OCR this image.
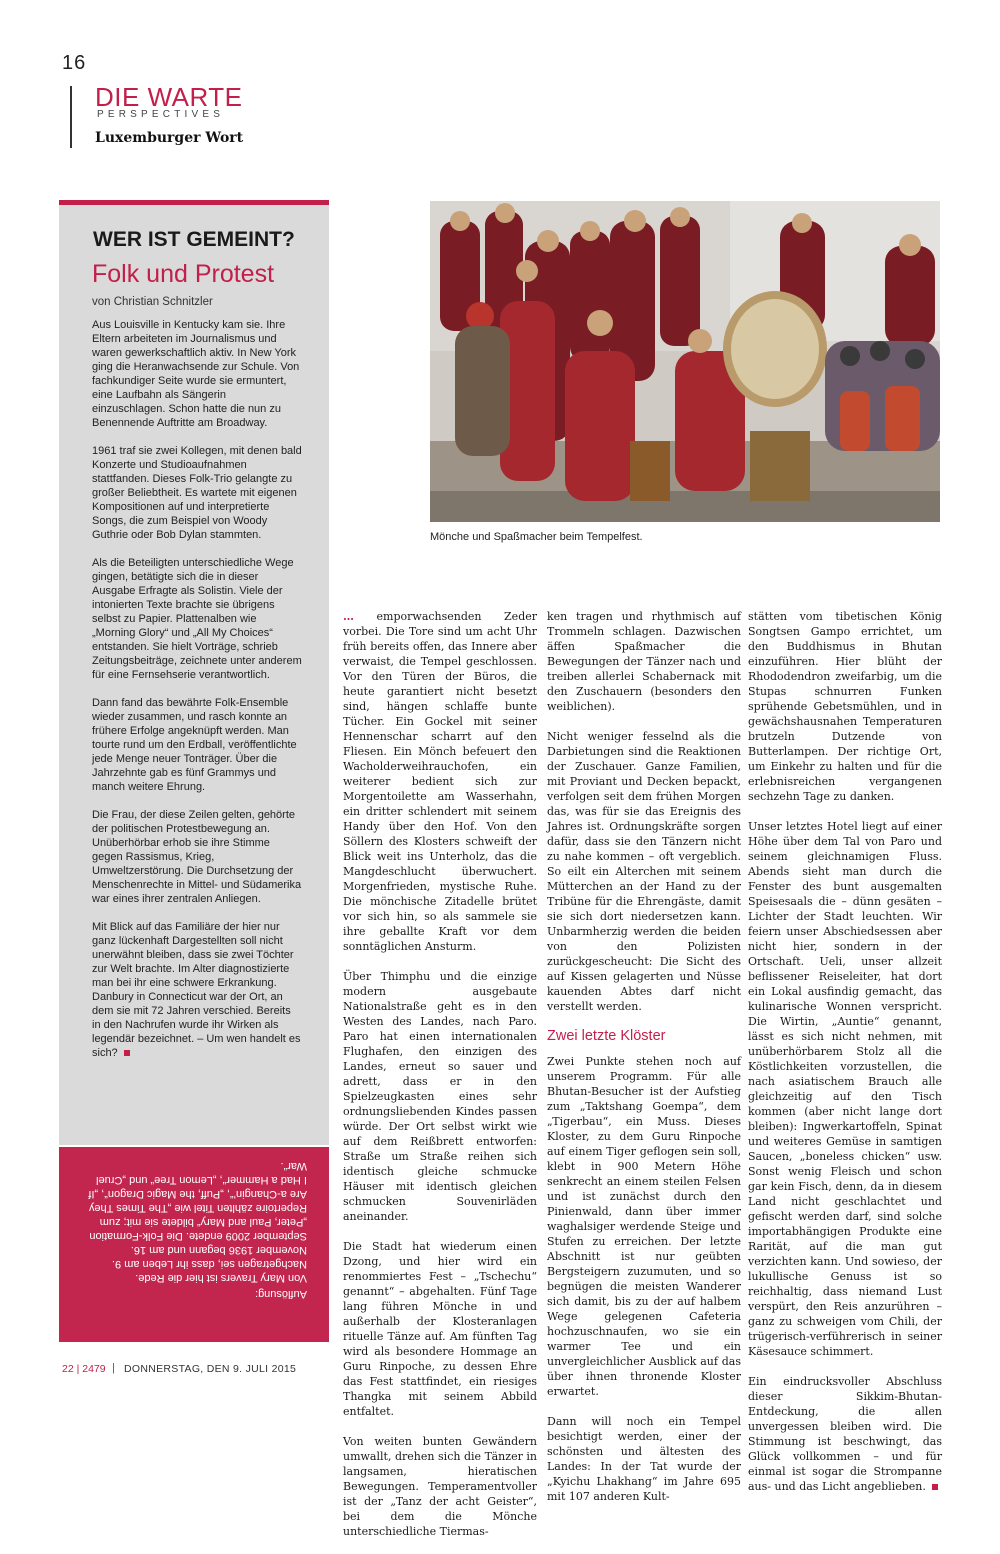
16
DIE WARTE
PERSPECTIVES
Luxemburger Wort
WER IST GEMEINT?
Folk und Protest
von Christian Schnitzler

Aus Louisville in Kentucky kam sie. Ihre Eltern arbeiteten im Journalismus und waren gewerkschaftlich aktiv. In New York ging die Heranwachsende zur Schule. Von fachkundiger Seite wurde sie ermuntert, eine Laufbahn als Sängerin einzuschlagen. Schon hatte die nun zu Benennende Auftritte am Broadway.

1961 traf sie zwei Kollegen, mit denen bald Konzerte und Studioaufnahmen stattfanden. Dieses Folk-Trio gelangte zu großer Beliebtheit. Es wartete mit eigenen Kompositionen auf und interpretierte Songs, die zum Beispiel von Woody Guthrie oder Bob Dylan stammten.

Als die Beteiligten unterschiedliche Wege gingen, betätigte sich die in dieser Ausgabe Erfragte als Solistin. Viele der intonierten Texte brachte sie übrigens selbst zu Papier. Plattenalben wie „Morning Glory“ und „All My Choices“ entstanden. Sie hielt Vorträge, schrieb Zeitungsbeiträge, zeichnete unter anderem für eine Fernsehserie verantwortlich.

Dann fand das bewährte Folk-Ensemble wieder zusammen, und rasch konnte an frühere Erfolge angeknüpft werden. Man tourte rund um den Erdball, veröffentlichte jede Menge neuer Tonträger. Über die Jahrzehnte gab es fünf Grammys und manch weitere Ehrung.

Die Frau, der diese Zeilen gelten, gehörte der politischen Protestbewegung an. Unüberhörbar erhob sie ihre Stimme gegen Rassismus, Krieg, Umweltzerstörung. Die Durchsetzung der Menschenrechte in Mittel- und Südamerika war eines ihrer zentralen Anliegen.

Mit Blick auf das Familiäre der hier nur ganz lückenhaft Dargestellten soll nicht unerwähnt bleiben, dass sie zwei Töchter zur Welt brachte. Im Alter diagnostizierte man bei ihr eine schwere Erkrankung. Danbury in Connecticut war der Ort, an dem sie mit 72 Jahren verschied. Bereits in den Nachrufen wurde ihr Wirken als legendär bezeichnet. – Um wen handelt es sich?

Auflösung:
Von Mary Travers ist hier die Rede. Nachgetragen sei, dass ihr Leben am 9. November 1936 begann und am 16. September 2009 endete. Die Folk-Formation „Peter, Paul and Mary“ bildete sie mit; zum Repertoire zählten Titel wie „The Times They Are a-Changin’“, „Puff, the Magic Dragon“, „If I Had a Hammer“, „Lemon Tree“ und „Cruel War“.
Mönche und Spaßmacher beim Tempelfest.

… emporwachsenden Zeder vorbei. Die Tore sind um acht Uhr früh bereits offen, das Innere aber verwaist, die Tempel geschlossen. Vor den Türen der Büros, die heute garantiert nicht besetzt sind, hängen schlaffe bunte Tücher. Ein Gockel mit seiner Hennenschar scharrt auf den Fliesen. Ein Mönch befeuert den Wacholderweihrauchofen, ein weiterer bedient sich zur Morgentoilette am Wasserhahn, ein dritter schlendert mit seinem Handy über den Hof. Von den Söllern des Klosters schweift der Blick weit ins Unterholz, das die Mangdeschlucht überwuchert. Morgenfrieden, mystische Ruhe. Die mönchische Zitadelle brütet vor sich hin, so als sammele sie ihre geballte Kraft vor dem sonntäglichen Ansturm.

Über Thimphu und die einzige modern ausgebaute Nationalstraße geht es in den Westen des Landes, nach Paro. Paro hat einen internationalen Flughafen, den einzigen des Landes, erneut so sauer und adrett, dass er in den Spielzeugkasten eines sehr ordnungsliebenden Kindes passen würde. Der Ort selbst wirkt wie auf dem Reißbrett entworfen: Straße um Straße reihen sich identisch gleiche schmucke Häuser mit identisch gleichen schmucken Souvenirläden aneinander.

Die Stadt hat wiederum einen Dzong, und hier wird ein renommiertes Fest – „Tschechu“ genannt“ – abgehalten. Fünf Tage lang führen Mönche in und außerhalb der Klosteranlagen rituelle Tänze auf. Am fünften Tag wird als besondere Hommage an Guru Rinpoche, zu dessen Ehre das Fest stattfindet, ein riesiges Thangka mit seinem Abbild entfaltet.

Von weiten bunten Gewändern umwallt, drehen sich die Tänzer in langsamen, hieratischen Bewegungen. Temperamentvoller ist der „Tanz der acht Geister“, bei dem die Mönche unterschiedliche Tiermas-

ken tragen und rhythmisch auf Trommeln schlagen. Dazwischen äffen Spaßmacher die Bewegungen der Tänzer nach und treiben allerlei Schabernack mit den Zuschauern (besonders den weiblichen).

Nicht weniger fesselnd als die Darbietungen sind die Reaktionen der Zuschauer. Ganze Familien, mit Proviant und Decken bepackt, verfolgen seit dem frühen Morgen das, was für sie das Ereignis des Jahres ist. Ordnungskräfte sorgen dafür, dass sie den Tänzern nicht zu nahe kommen – oft vergeblich. So eilt ein Alterchen mit seinem Mütterchen an der Hand zu der Tribüne für die Ehrengäste, damit sie sich dort niedersetzen kann. Unbarmherzig werden die beiden von den Polizisten zurückgescheucht: Die Sicht des auf Kissen gelagerten und Nüsse kauenden Abtes darf nicht verstellt werden.

Zwei letzte Klöster

Zwei Punkte stehen noch auf unserem Programm. Für alle Bhutan-Besucher ist der Aufstieg zum „Taktshang Goempa“, dem „Tigerbau“, ein Muss. Dieses Kloster, zu dem Guru Rinpoche auf einem Tiger geflogen sein soll, klebt in 900 Metern Höhe senkrecht an einem steilen Felsen und ist zunächst durch den Pinienwald, dann über immer waghalsiger werdende Steige und Stufen zu erreichen. Der letzte Abschnitt ist nur geübten Bergsteigern zuzumuten, und so begnügen die meisten Wanderer sich damit, bis zu der auf halbem Wege gelegenen Cafeteria hochzuschnaufen, wo sie ein warmer Tee und ein unvergleichlicher Ausblick auf das über ihnen thronende Kloster erwartet.

Dann will noch ein Tempel besichtigt werden, einer der schönsten und ältesten des Landes: In der Tat wurde der „Kyichu Lhakhang“ im Jahre 695 mit 107 anderen Kult-

stätten vom tibetischen König Songtsen Gampo errichtet, um den Buddhismus in Bhutan einzuführen. Hier blüht der Rhododendron zweifarbig, um die Stupas schnurren Funken sprühende Gebetsmühlen, und in gewächshausnahen Temperaturen brutzeln Dutzende von Butterlampen. Der richtige Ort, um Einkehr zu halten und für die erlebnisreichen vergangenen sechzehn Tage zu danken.

Unser letztes Hotel liegt auf einer Höhe über dem Tal von Paro und seinem gleichnamigen Fluss. Abends sieht man durch die Fenster des bunt ausgemalten Speisesaals die – dünn gesäten – Lichter der Stadt leuchten. Wir feiern unser Abschiedsessen aber nicht hier, sondern in der Ortschaft. Ueli, unser allzeit beflissener Reiseleiter, hat dort ein Lokal ausfindig gemacht, das kulinarische Wonnen verspricht. Die Wirtin, „Auntie“ genannt, lässt es sich nicht nehmen, mit unüberhörbarem Stolz all die Köstlichkeiten vorzustellen, die nach asiatischem Brauch alle gleichzeitig auf den Tisch kommen (aber nicht lange dort bleiben): Ingwerkartoffeln, Spinat und weiteres Gemüse in samtigen Saucen, „boneless chicken“ usw. Sonst wenig Fleisch und schon gar kein Fisch, denn, da in diesem Land nicht geschlachtet und gefischt werden darf, sind solche importabhängigen Produkte eine Rarität, auf die man gut verzichten kann. Und sowieso, der lukullische Genuss ist so reichhaltig, dass niemand Lust verspürt, den Reis anzurühren – ganz zu schweigen vom Chili, der trügerisch-verführerisch in seiner Käsesauce schimmert.

Ein eindrucksvoller Abschluss dieser Sikkim-Bhutan-Entdeckung, die allen unvergessen bleiben wird. Die Stimmung ist beschwingt, das Glück vollkommen – und für einmal ist sogar die Strompanne aus- und das Licht angeblieben.

22 | 2479 | DONNERSTAG, DEN 9. JULI 2015
